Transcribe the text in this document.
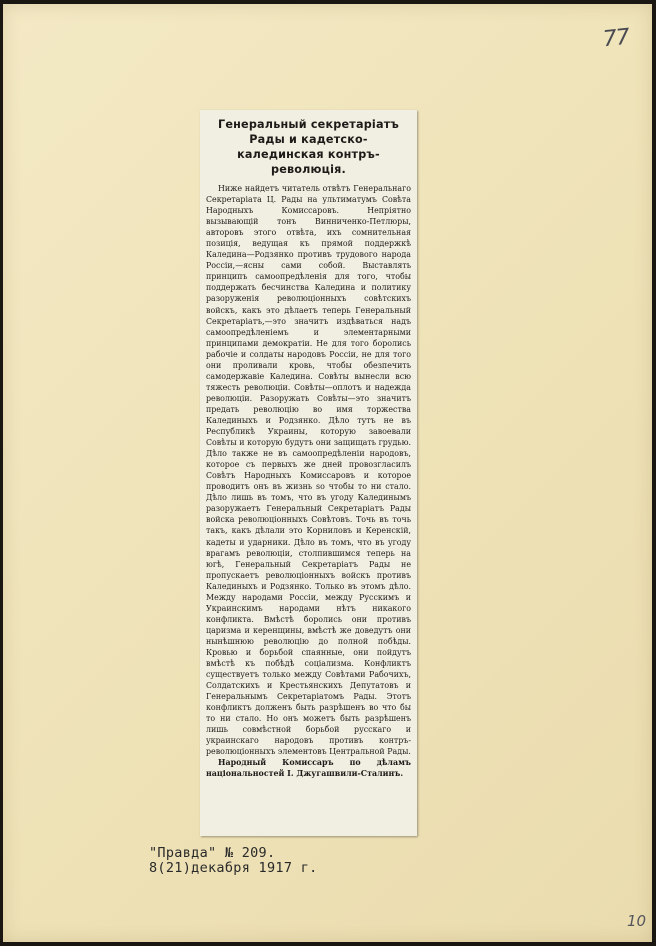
77
Генеральный секретаріатъ Рады и кадетско-калединская контръ-революція.

Ниже найдетъ читатель отвѣтъ Генеральнаго Секретаріата Ц. Рады на ультиматумъ Совѣта Народныхъ Комиссаровъ. Непріятно вызывающій тонъ Винниченко-Петлюры, авторовъ этого отвѣта, ихъ сомнительная позиція, ведущая къ прямой поддержкѣ Каледина—Родзянко противъ трудового народа Россіи,—ясны сами собой. Выставлять принципъ самоопредѣленія для того, чтобы поддержать бесчинства Каледина и политику разоруженія революціонныхъ совѣтскихъ войскъ, какъ это дѣлаетъ теперь Генеральный Секретаріатъ,—это значитъ издѣваться надъ самоопредѣленіемъ и элементарными принципами демократіи. Не для того боролись рабочіе и солдаты народовъ Россіи, не для того они проливали кровь, чтобы обезпечить самодержавіе Каледина. Совѣты вынесли всю тяжесть революціи. Совѣты—оплотъ и надежда революціи. Разоружать Совѣты—это значитъ предать революцію во имя торжества Калединыхъ и Родзянко. Дѣло тутъ не въ Республикѣ Украины, которую завоевали Совѣты и которую будутъ они защищать грудью. Дѣло также не въ самоопредѣленіи народовъ, которое съ первыхъ же дней провозгласилъ Совѣтъ Народныхъ Комиссаровъ и которое проводитъ онъ въ жизнь so чтобы то ни стало. Дѣло лишь въ томъ, что въ угоду Калединымъ разоружаетъ Генеральный Секретаріатъ Рады войска революціонныхъ Совѣтовъ. Точь въ точь такъ, какъ дѣлали это Корниловъ и Керенскій, кадеты и ударники. Дѣло въ томъ, что въ угоду врагамъ революціи, столпившимся теперь на югѣ, Генеральный Секретаріатъ Рады не пропускаетъ революціонныхъ войскъ противъ Калединыхъ и Родзянко. Только въ этомъ дѣло. Между народами Россіи, между Русскимъ и Украинскимъ народами нѣтъ никакого конфликта. Вмѣстѣ боролись они противъ царизма и керенщины, вмѣстѣ же доведутъ они нынѣшнюю революцію до полной побѣды. Кровью и борьбой спаянные, они пойдутъ вмѣстѣ къ побѣдѣ соціализма. Конфликтъ существуетъ только между Совѣтами Рабочихъ, Солдатскихъ и Крестьянскихъ Депутатовъ и Генеральнымъ Секретаріатомъ Рады. Этотъ конфликтъ долженъ быть разрѣшенъ во что бы то ни стало. Но онъ можетъ быть разрѣшенъ лишь совмѣстной борьбой русскаго и украинскаго народовъ противъ контръ-революціонныхъ элементовъ Центральной Рады.

Народный Комиссаръ по дѣламъ національностей І. Джугашвили-Сталинъ.

"Правда" № 209.
8(21)декабря 1917 г.
10
